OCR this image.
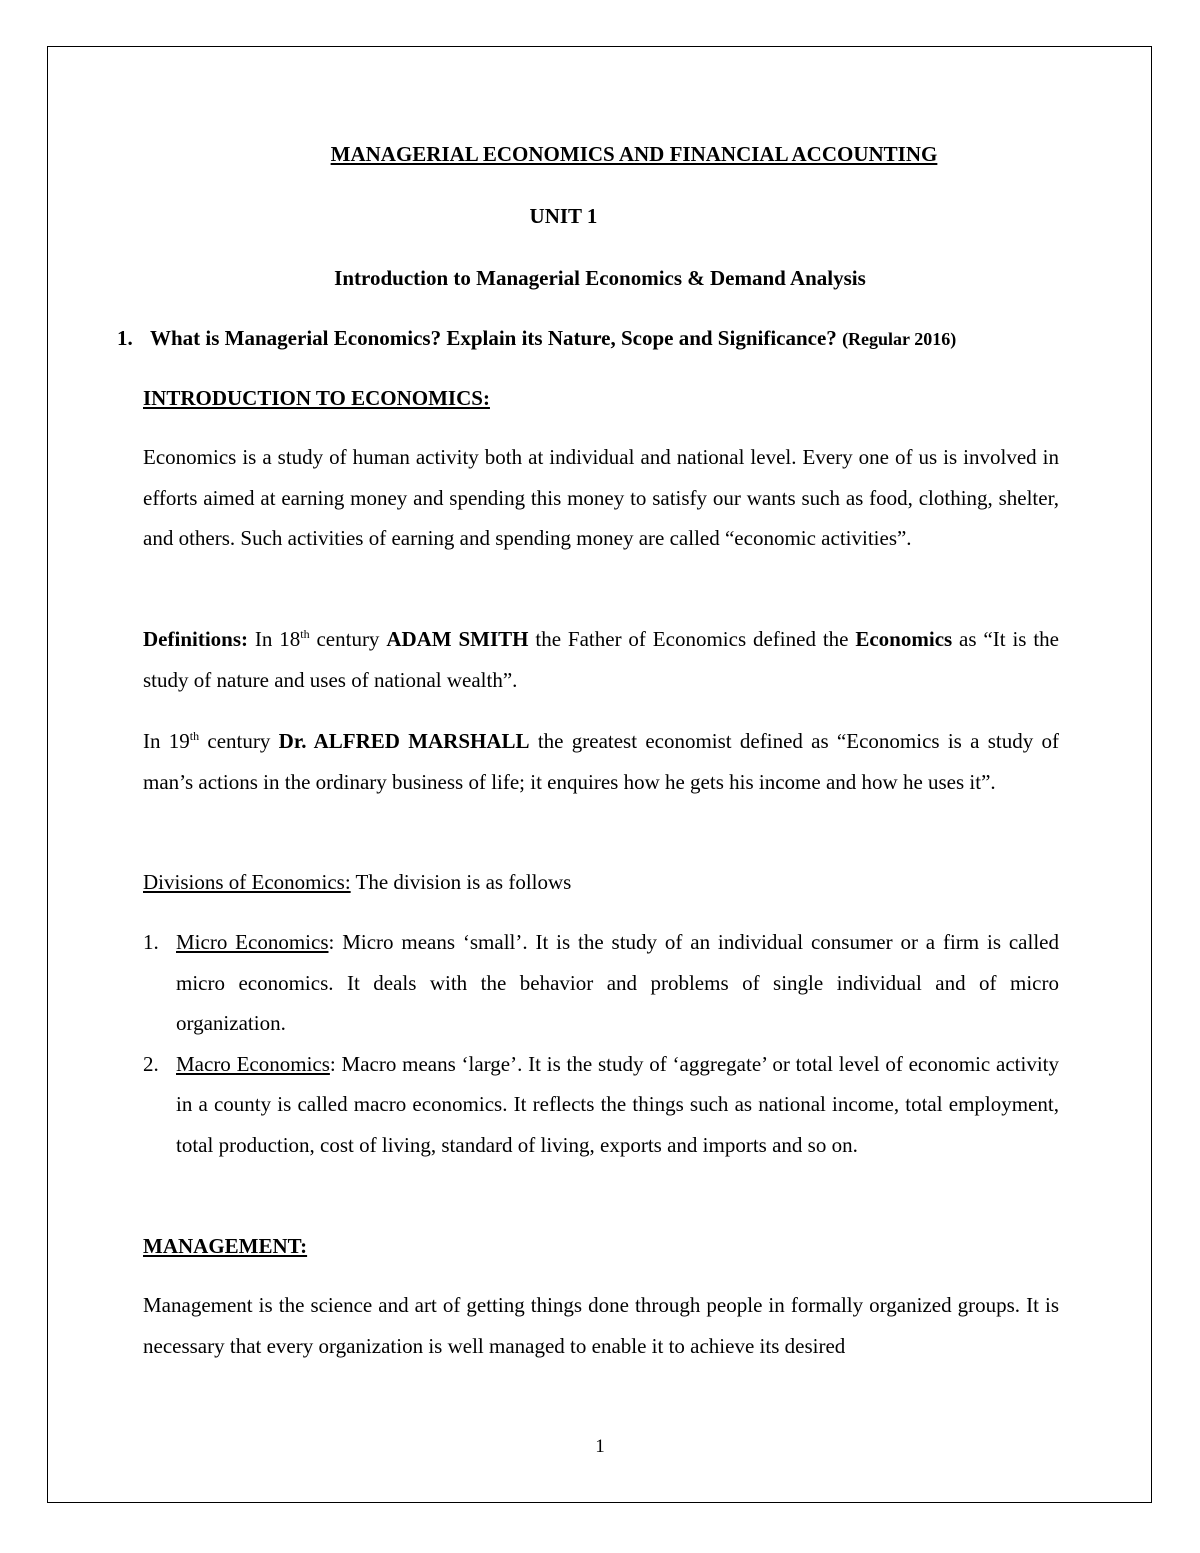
MANAGERIAL ECONOMICS AND FINANCIAL ACCOUNTING
UNIT 1
Introduction to Managerial Economics & Demand Analysis
1. What is Managerial Economics? Explain its Nature, Scope and Significance? (Regular 2016)
INTRODUCTION TO ECONOMICS:
Economics is a study of human activity both at individual and national level. Every one of us is involved in efforts aimed at earning money and spending this money to satisfy our wants such as food, clothing, shelter, and others. Such activities of earning and spending money are called “economic activities”.
Definitions: In 18th century ADAM SMITH the Father of Economics defined the Economics as “It is the study of nature and uses of national wealth”.
In 19th century Dr. ALFRED MARSHALL the greatest economist defined as “Economics is a study of man’s actions in the ordinary business of life; it enquires how he gets his income and how he uses it”.
Divisions of Economics: The division is as follows
1. Micro Economics: Micro means ‘small’. It is the study of an individual consumer or a firm is called micro economics. It deals with the behavior and problems of single individual and of micro organization.
2. Macro Economics: Macro means ‘large’. It is the study of ‘aggregate’ or total level of economic activity in a county is called macro economics. It reflects the things such as national income, total employment, total production, cost of living, standard of living, exports and imports and so on.
MANAGEMENT:
Management is the science and art of getting things done through people in formally organized groups. It is necessary that every organization is well managed to enable it to achieve its desired
1
